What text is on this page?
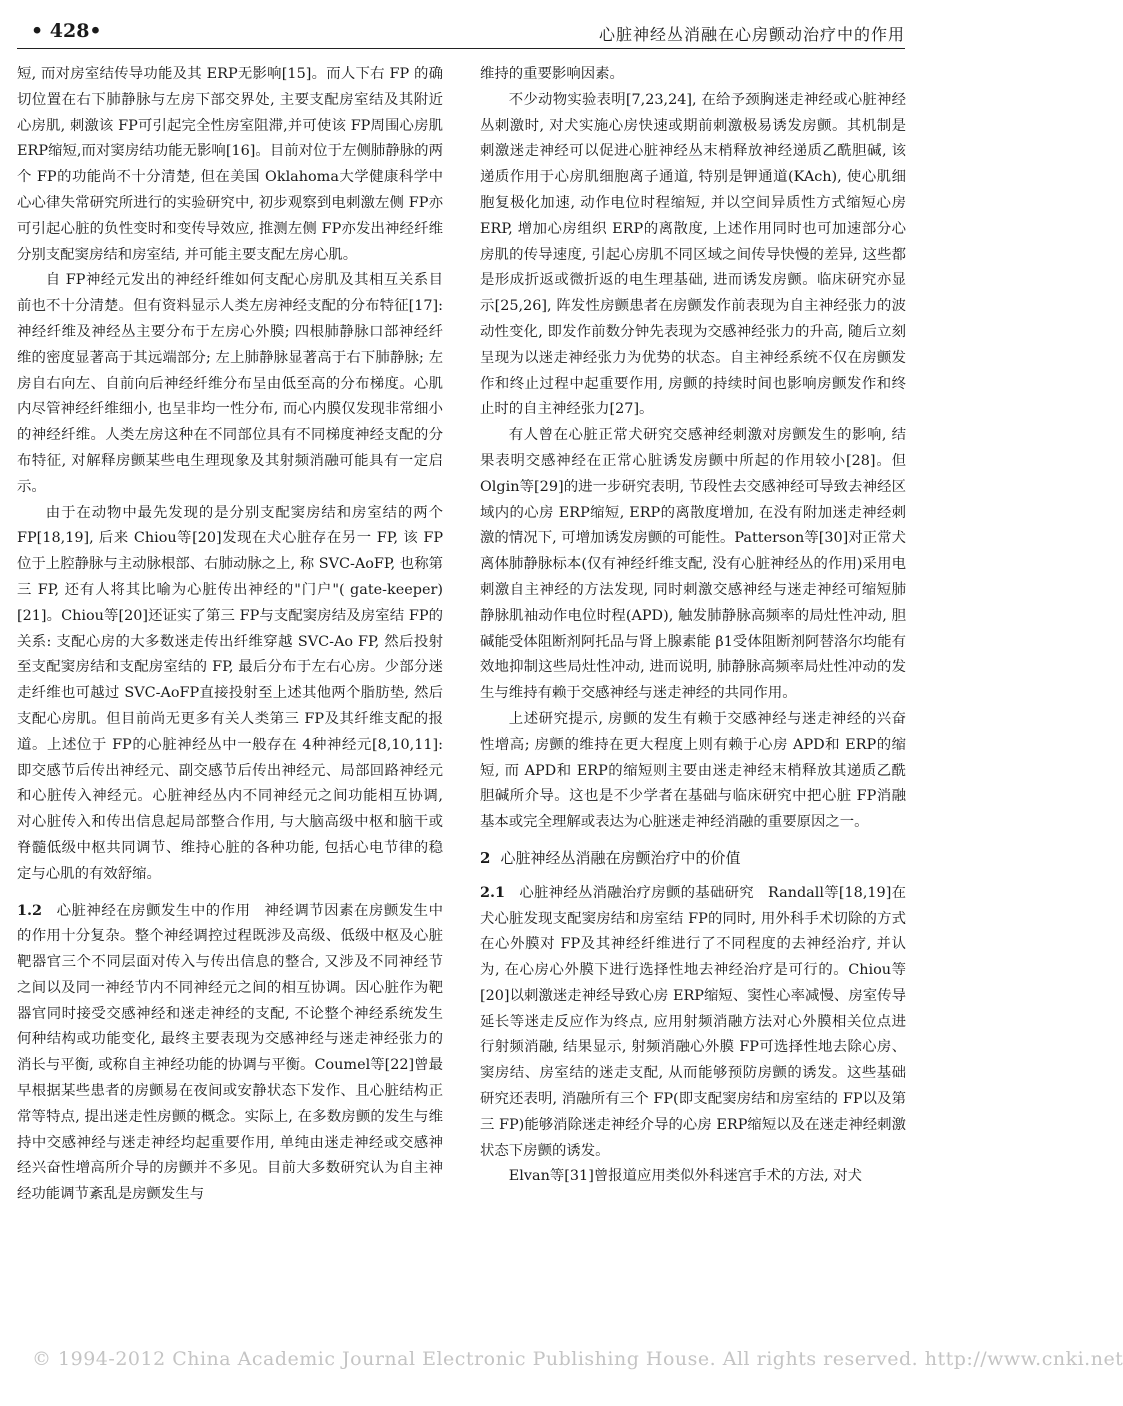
• 428•	心脏神经丛消融在心房颤动治疗中的作用

短, 而对房室结传导功能及其 ERP无影响[15]。而人下右 FP 的确切位置在右下肺静脉与左房下部交界处, 主要支配房室结及其附近心房肌, 刺激该 FP可引起完全性房室阻滞,并可使该 FP周围心房肌 ERP缩短,而对窦房结功能无影响[16]。目前对位于左侧肺静脉的两个 FP的功能尚不十分清楚, 但在美国 Oklahoma大学健康科学中心心律失常研究所进行的实验研究中, 初步观察到电刺激左侧 FP亦可引起心脏的负性变时和变传导效应, 推测左侧 FP亦发出神经纤维分别支配窦房结和房室结, 并可能主要支配左房心肌。

自 FP神经元发出的神经纤维如何支配心房肌及其相互关系目前也不十分清楚。但有资料显示人类左房神经支配的分布特征[17]: 神经纤维及神经丛主要分布于左房心外膜; 四根肺静脉口部神经纤维的密度显著高于其远端部分; 左上肺静脉显著高于右下肺静脉; 左房自右向左、自前向后神经纤维分布呈由低至高的分布梯度。心肌内尽管神经纤维细小, 也呈非均一性分布, 而心内膜仅发现非常细小的神经纤维。人类左房这种在不同部位具有不同梯度神经支配的分布特征, 对解释房颤某些电生理现象及其射频消融可能具有一定启示。

由于在动物中最先发现的是分别支配窦房结和房室结的两个 FP[18,19], 后来 Chiou等[20]发现在犬心脏存在另一 FP, 该 FP位于上腔静脉与主动脉根部、右肺动脉之上, 称 SVC-AoFP, 也称第三 FP, 还有人将其比喻为心脏传出神经的"门户"( gate-keeper)[21]。Chiou等[20]还证实了第三 FP与支配窦房结及房室结 FP的关系: 支配心房的大多数迷走传出纤维穿越 SVC-Ao FP, 然后投射至支配窦房结和支配房室结的 FP, 最后分布于左右心房。少部分迷走纤维也可越过 SVC-AoFP直接投射至上述其他两个脂肪垫, 然后支配心房肌。但目前尚无更多有关人类第三 FP及其纤维支配的报道。上述位于 FP的心脏神经丛中一般存在 4种神经元[8,10,11]: 即交感节后传出神经元、副交感节后传出神经元、局部回路神经元和心脏传入神经元。心脏神经丛内不同神经元之间功能相互协调, 对心脏传入和传出信息起局部整合作用, 与大脑高级中枢和脑干或脊髓低级中枢共同调节、维持心脏的各种功能, 包括心电节律的稳定与心肌的有效舒缩。

1.2 心脏神经在房颤发生中的作用 神经调节因素在房颤发生中的作用十分复杂。整个神经调控过程既涉及高级、低级中枢及心脏靶器官三个不同层面对传入与传出信息的整合, 又涉及不同神经节之间以及同一神经节内不同神经元之间的相互协调。因心脏作为靶器官同时接受交感神经和迷走神经的支配, 不论整个神经系统发生何种结构或功能变化, 最终主要表现为交感神经与迷走神经张力的消长与平衡, 或称自主神经功能的协调与平衡。Coumel等[22]曾最早根据某些患者的房颤易在夜间或安静状态下发作、且心脏结构正常等特点, 提出迷走性房颤的概念。实际上, 在多数房颤的发生与维持中交感神经与迷走神经均起重要作用, 单纯由迷走神经或交感神经兴奋性增高所介导的房颤并不多见。目前大多数研究认为自主神经功能调节紊乱是房颤发生与

维持的重要影响因素。

不少动物实验表明[7,23,24], 在给予颈胸迷走神经或心脏神经丛刺激时, 对犬实施心房快速或期前刺激极易诱发房颤。其机制是刺激迷走神经可以促进心脏神经丛末梢释放神经递质乙酰胆碱, 该递质作用于心房肌细胞离子通道, 特别是钾通道(KAch), 使心肌细胞复极化加速, 动作电位时程缩短, 并以空间异质性方式缩短心房 ERP, 增加心房组织 ERP的离散度, 上述作用同时也可加速部分心房肌的传导速度, 引起心房肌不同区域之间传导快慢的差异, 这些都是形成折返或微折返的电生理基础, 进而诱发房颤。临床研究亦显示[25,26], 阵发性房颤患者在房颤发作前表现为自主神经张力的波动性变化, 即发作前数分钟先表现为交感神经张力的升高, 随后立刻呈现为以迷走神经张力为优势的状态。自主神经系统不仅在房颤发作和终止过程中起重要作用, 房颤的持续时间也影响房颤发作和终止时的自主神经张力[27]。

有人曾在心脏正常犬研究交感神经刺激对房颤发生的影响, 结果表明交感神经在正常心脏诱发房颤中所起的作用较小[28]。但 Olgin等[29]的进一步研究表明, 节段性去交感神经可导致去神经区域内的心房 ERP缩短, ERP的离散度增加, 在没有附加迷走神经刺激的情况下, 可增加诱发房颤的可能性。Patterson等[30]对正常犬离体肺静脉标本(仅有神经纤维支配, 没有心脏神经丛的作用)采用电刺激自主神经的方法发现, 同时刺激交感神经与迷走神经可缩短肺静脉肌袖动作电位时程(APD), 触发肺静脉高频率的局灶性冲动, 胆碱能受体阻断剂阿托品与肾上腺素能 β1受体阻断剂阿替洛尔均能有效地抑制这些局灶性冲动, 进而说明, 肺静脉高频率局灶性冲动的发生与维持有赖于交感神经与迷走神经的共同作用。

上述研究提示, 房颤的发生有赖于交感神经与迷走神经的兴奋性增高; 房颤的维持在更大程度上则有赖于心房 APD和 ERP的缩短, 而 APD和 ERP的缩短则主要由迷走神经末梢释放其递质乙酰胆碱所介导。这也是不少学者在基础与临床研究中把心脏 FP消融基本或完全理解或表达为心脏迷走神经消融的重要原因之一。

2 心脏神经丛消融在房颤治疗中的价值

2.1 心脏神经丛消融治疗房颤的基础研究 Randall等[18,19]在犬心脏发现支配窦房结和房室结 FP的同时, 用外科手术切除的方式在心外膜对 FP及其神经纤维进行了不同程度的去神经治疗, 并认为, 在心房心外膜下进行选择性地去神经治疗是可行的。Chiou等[20]以刺激迷走神经导致心房 ERP缩短、窦性心率减慢、房室传导延长等迷走反应作为终点, 应用射频消融方法对心外膜相关位点进行射频消融, 结果显示, 射频消融心外膜 FP可选择性地去除心房、窦房结、房室结的迷走支配, 从而能够预防房颤的诱发。这些基础研究还表明, 消融所有三个 FP(即支配窦房结和房室结的 FP以及第三 FP)能够消除迷走神经介导的心房 ERP缩短以及在迷走神经刺激状态下房颤的诱发。

Elvan等[31]曾报道应用类似外科迷宫手术的方法, 对犬

© 1994-2012 China Academic Journal Electronic Publishing House. All rights reserved. http://www.cnki.net
